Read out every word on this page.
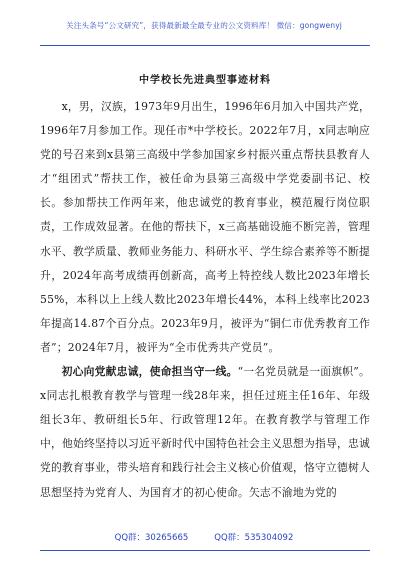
关注头条号“公文研究”，获得最新最全最专业的公文资料库！ 微信：gongwenyj
中学校长先进典型事迹材料

x，男，汉族，1973年9月出生，1996年6月加入中国共产党，1996年7月参加工作。现任市*中学校长。2022年7月，x同志响应党的号召来到x县第三高级中学参加国家乡村振兴重点帮扶县教育人才“组团式”帮扶工作，被任命为县第三高级中学党委副书记、校长。参加帮扶工作两年来，他忠诚党的教育事业，模范履行岗位职责，工作成效显著。在他的帮扶下，x三高基础设施不断完善，管理水平、教学质量、教师业务能力、科研水平、学生综合素养等不断提升，2024年高考成绩再创新高，高考上特控线人数比2023年增长55%，本科以上上线人数比2023年增长44%，本科上线率比2023年提高14.87个百分点。2023年9月，被评为“铜仁市优秀教育工作者”；2024年7月，被评为“全市优秀共产党员”。

初心向党献忠诚，使命担当守一线。“一名党员就是一面旗帜”。x同志扎根教育教学与管理一线28年来，担任过班主任16年、年级组长3年、教研组长5年、行政管理12年。在教育教学与管理工作中，他始终坚持以习近平新时代中国特色社会主义思想为指导，忠诚党的教育事业，带头培育和践行社会主义核心价值观，恪守立德树人思想坚持为党育人、为国育才的初心使命。矢志不渝地为党的

QQ群：30265665	QQ群：535304092
